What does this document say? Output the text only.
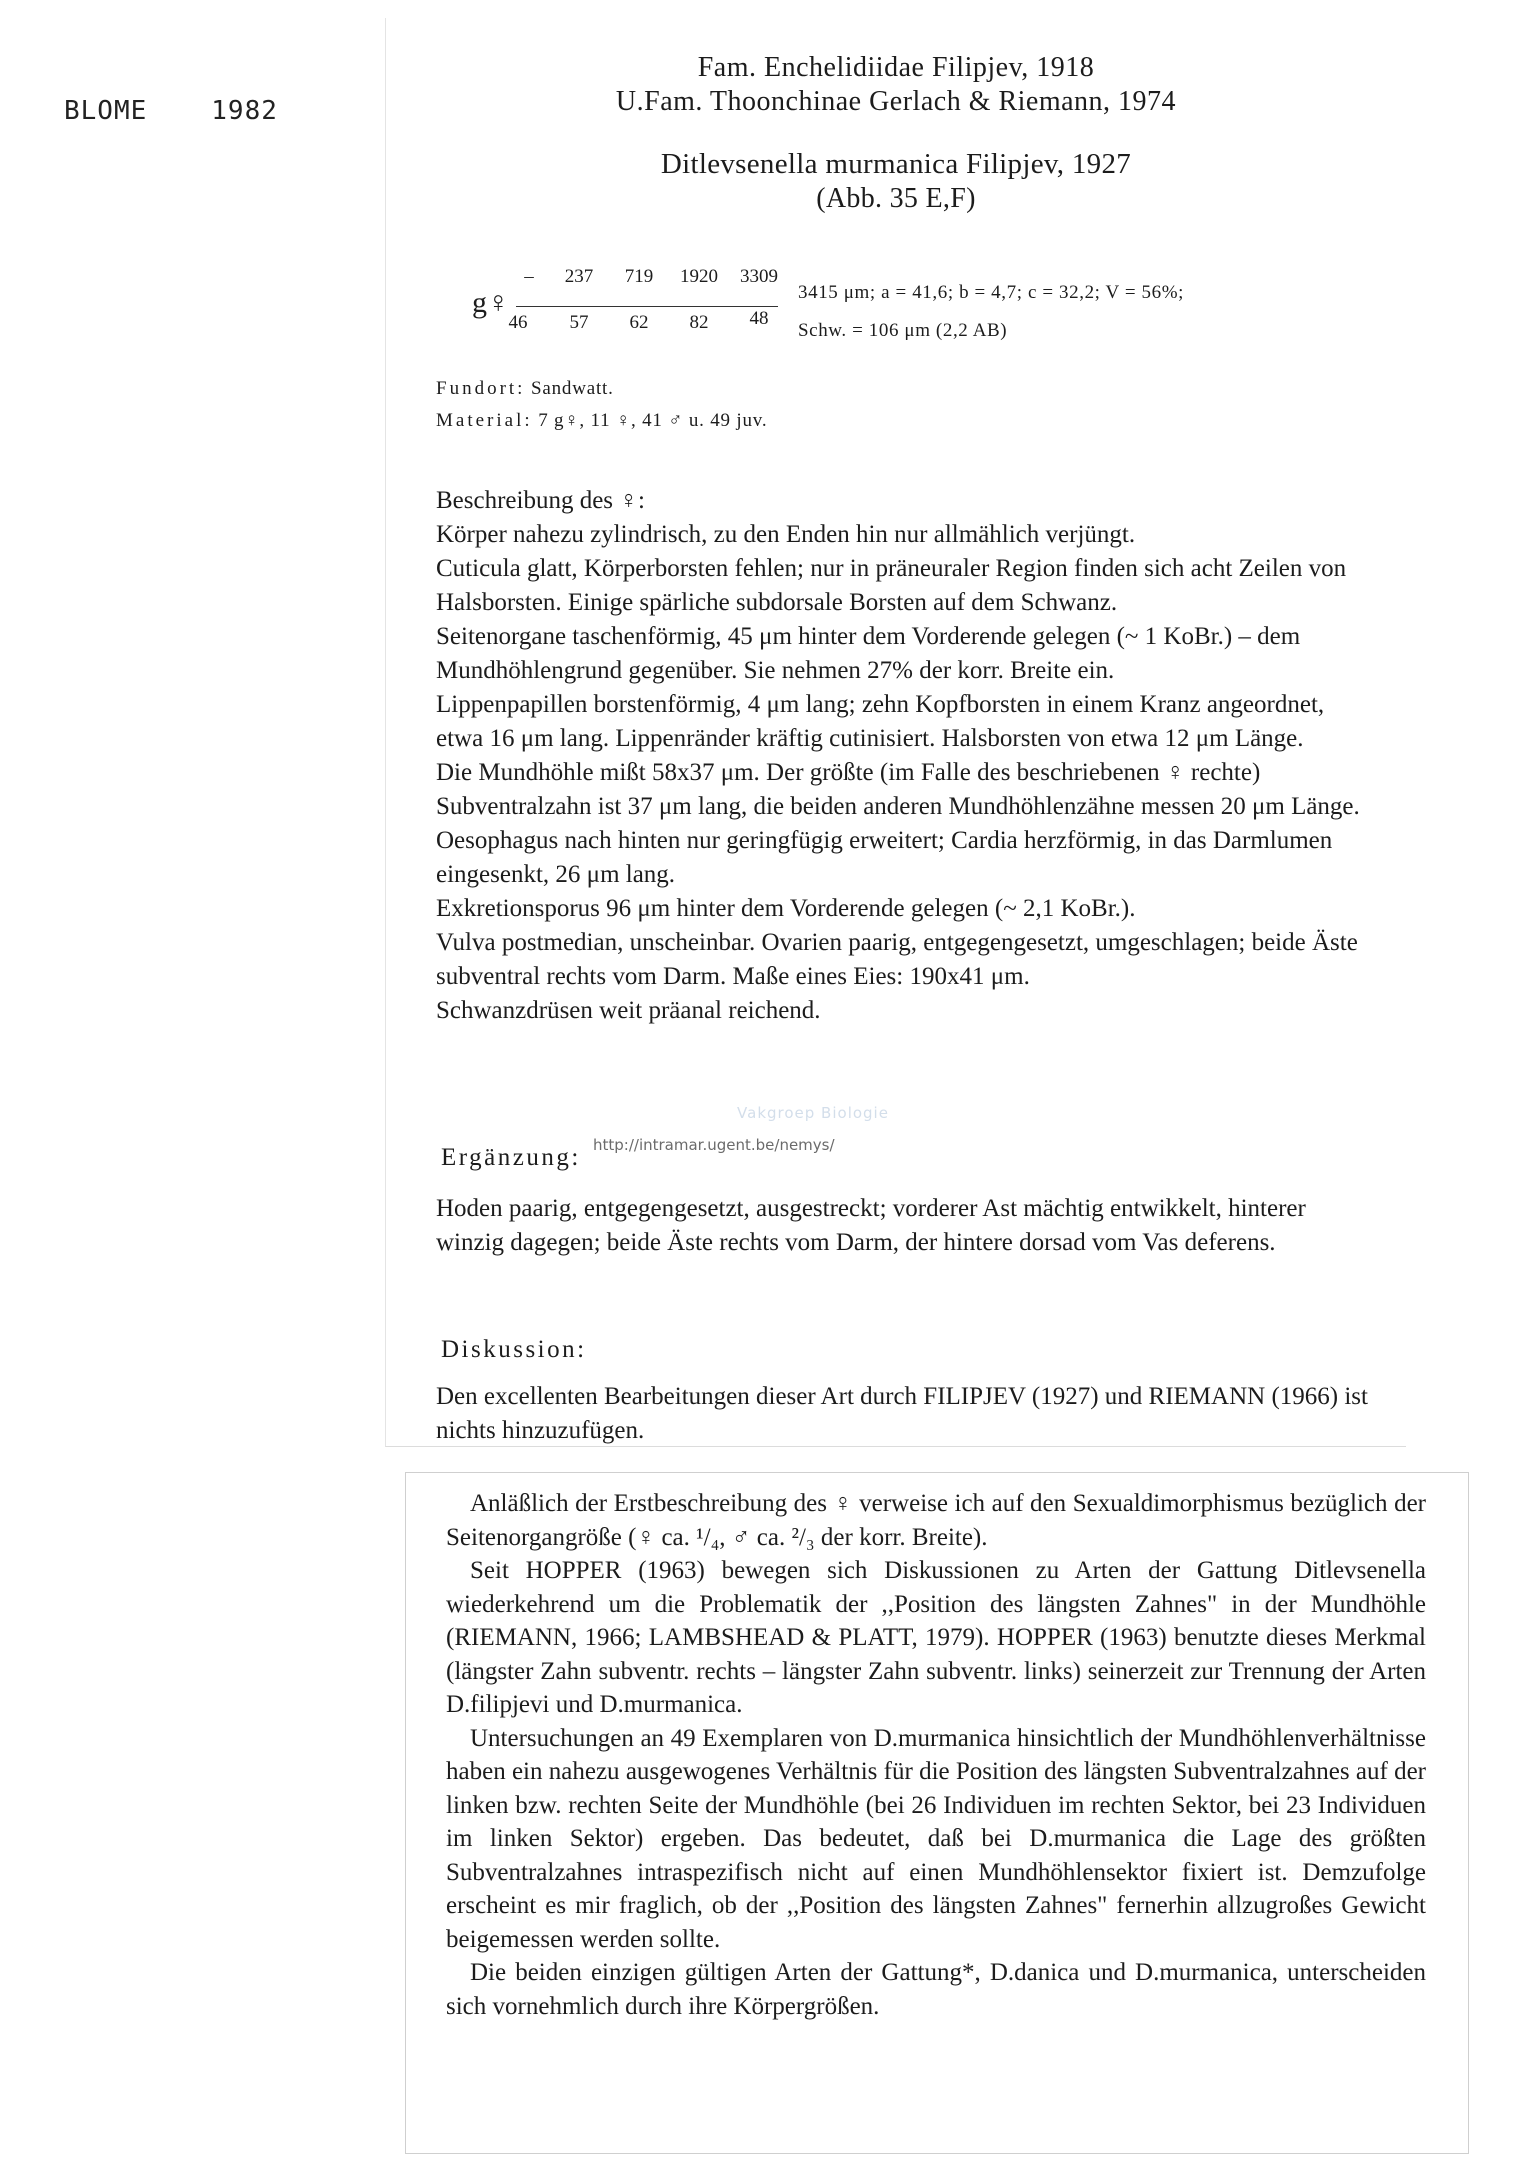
BLOME 1982
Fam. Enchelidiidae Filipjev, 1918
U.Fam. Thoonchinae Gerlach & Riemann, 1974
Ditlevsenella murmanica Filipjev, 1927
(Abb. 35 E,F)
g♀
–	237	719	1920	3309
46	57	62	82	48
3415 μm; a = 41,6; b = 4,7; c = 32,2; V = 56%;
Schw. = 106 μm (2,2 AB)
Fundort: Sandwatt.
Material: 7 g♀, 11 ♀, 41 ♂ u. 49 juv.

Beschreibung des ♀:

Körper nahezu zylindrisch, zu den Enden hin nur allmählich verjüngt.

Cuticula glatt, Körperborsten fehlen; nur in präneuraler Region finden sich acht Zeilen von Halsborsten. Einige spärliche subdorsale Borsten auf dem Schwanz.

Seitenorgane taschenförmig, 45 μm hinter dem Vorderende gelegen (~ 1 KoBr.) – dem Mundhöhlengrund gegenüber. Sie nehmen 27% der korr. Breite ein.

Lippenpapillen borstenförmig, 4 μm lang; zehn Kopfborsten in einem Kranz angeordnet, etwa 16 μm lang. Lippenränder kräftig cutinisiert. Halsborsten von etwa 12 μm Länge.

Die Mundhöhle mißt 58x37 μm. Der größte (im Falle des beschriebenen ♀ rechte) Subventralzahn ist 37 μm lang, die beiden anderen Mundhöhlenzähne messen 20 μm Länge. Oesophagus nach hinten nur geringfügig erweitert; Cardia herzförmig, in das Darmlumen eingesenkt, 26 μm lang.

Exkretionsporus 96 μm hinter dem Vorderende gelegen (~ 2,1 KoBr.).

Vulva postmedian, unscheinbar. Ovarien paarig, entgegengesetzt, umgeschlagen; beide Äste subventral rechts vom Darm. Maße eines Eies: 190x41 μm.

Schwanzdrüsen weit präanal reichend.

Ergänzung:
Hoden paarig, entgegengesetzt, ausgestreckt; vorderer Ast mächtig entwikkelt, hinterer winzig dagegen; beide Äste rechts vom Darm, der hintere dorsad vom Vas deferens.
Diskussion:
Den excellenten Bearbeitungen dieser Art durch FILIPJEV (1927) und RIEMANN (1966) ist nichts hinzuzufügen.

Anläßlich der Erstbeschreibung des ♀ verweise ich auf den Sexualdimorphismus bezüglich der Seitenorgangröße (♀ ca. ¹/₄, ♂ ca. ²/₃ der korr. Breite).

Seit HOPPER (1963) bewegen sich Diskussionen zu Arten der Gattung Ditlevsenella wiederkehrend um die Problematik der ,,Position des längsten Zahnes" in der Mundhöhle (RIEMANN, 1966; LAMBSHEAD & PLATT, 1979). HOPPER (1963) benutzte dieses Merkmal (längster Zahn subventr. rechts – längster Zahn subventr. links) seinerzeit zur Trennung der Arten D.filipjevi und D.murmanica.

Untersuchungen an 49 Exemplaren von D.murmanica hinsichtlich der Mundhöhlenverhältnisse haben ein nahezu ausgewogenes Verhältnis für die Position des längsten Subventralzahnes auf der linken bzw. rechten Seite der Mundhöhle (bei 26 Individuen im rechten Sektor, bei 23 Individuen im linken Sektor) ergeben. Das bedeutet, daß bei D.murmanica die Lage des größten Subventralzahnes intraspezifisch nicht auf einen Mundhöhlensektor fixiert ist. Demzufolge erscheint es mir fraglich, ob der ,,Position des längsten Zahnes" fernerhin allzugroßes Gewicht beigemessen werden sollte.

Die beiden einzigen gültigen Arten der Gattung*, D.danica und D.murmanica, unterscheiden sich vornehmlich durch ihre Körpergrößen.

Vakgroep Biologie
http://intramar.ugent.be/nemys/
